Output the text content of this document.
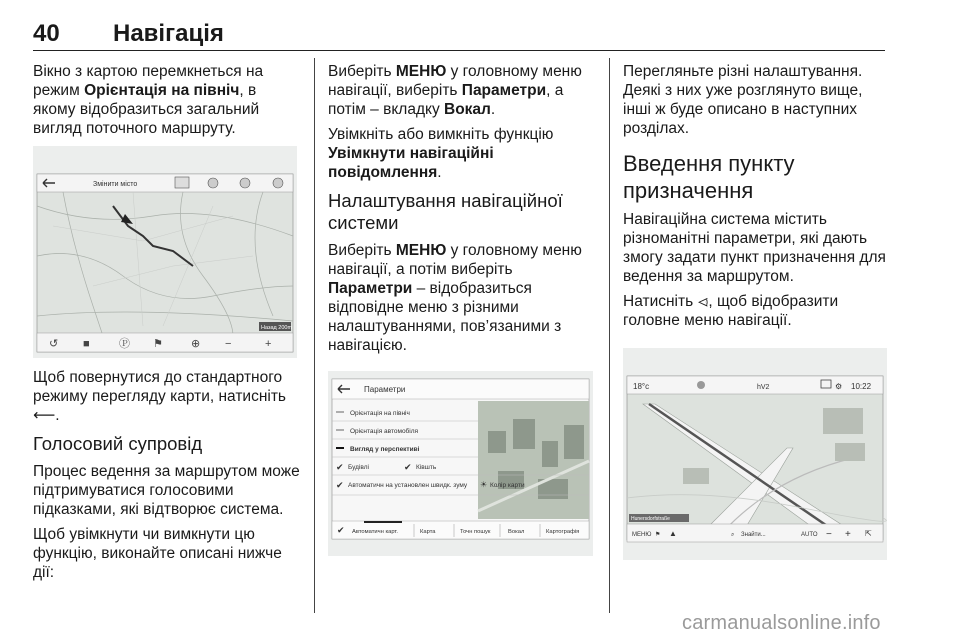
40 Навігація

Вікно з картою перемкнеться на режим Орієнтація на північ, в якому відобразиться загальний вигляд поточного маршруту.

Змінити місто
Назад 200m
↺ ■	Ⓟ ⚑	⊕ −	+

Щоб повернутися до стандартного режиму перегляду карти, натисніть ⟵.

Голосовий супровід

Процес ведення за маршрутом може підтримуватися голосовими підказками, які відтворює система.

Щоб увімкнути чи вимкнути цю функцію, виконайте описані нижче дії:

Виберіть МЕНЮ у головному меню навігації, виберіть Параметри, а потім – вкладку Вокал.

Увімкніть або вимкніть функцію Увімкнути навігаційні повідомлення.

Налаштування навігаційної системи

Виберіть МЕНЮ у головному меню навігації, а потім виберіть Параметри – відобразиться відповідне меню з різними налаштуваннями, пов’язаними з навігацією.

Параметри
Орієнтація на північ
Орієнтація автомобіля
Вигляд у перспективі
✔ Будівлі	✔ Ківшть
✔ Автоматичн на установлен швидк. зуму ☀ Колір карти
✔ Автоматичн карт.	Карта	Точн пошук	Вокал	Картографія

Перегляньте різні налаштування. Деякі з них уже розглянуто вище, інші ж буде описано в наступних розділах.

Введення пункту призначення

Навігаційна система містить різноманітні параметри, які дають змогу задати пункт призначення для ведення за маршрутом.

Натисніть ⏿, щоб відобразити головне меню навігації.

18°c	hV2	⚙ 10:22
Hunersdorfstraße
МЕНЮ ⚑ ▲	⌕ Знайти...	AUTO − + ⇱
carmanualsonline.info
